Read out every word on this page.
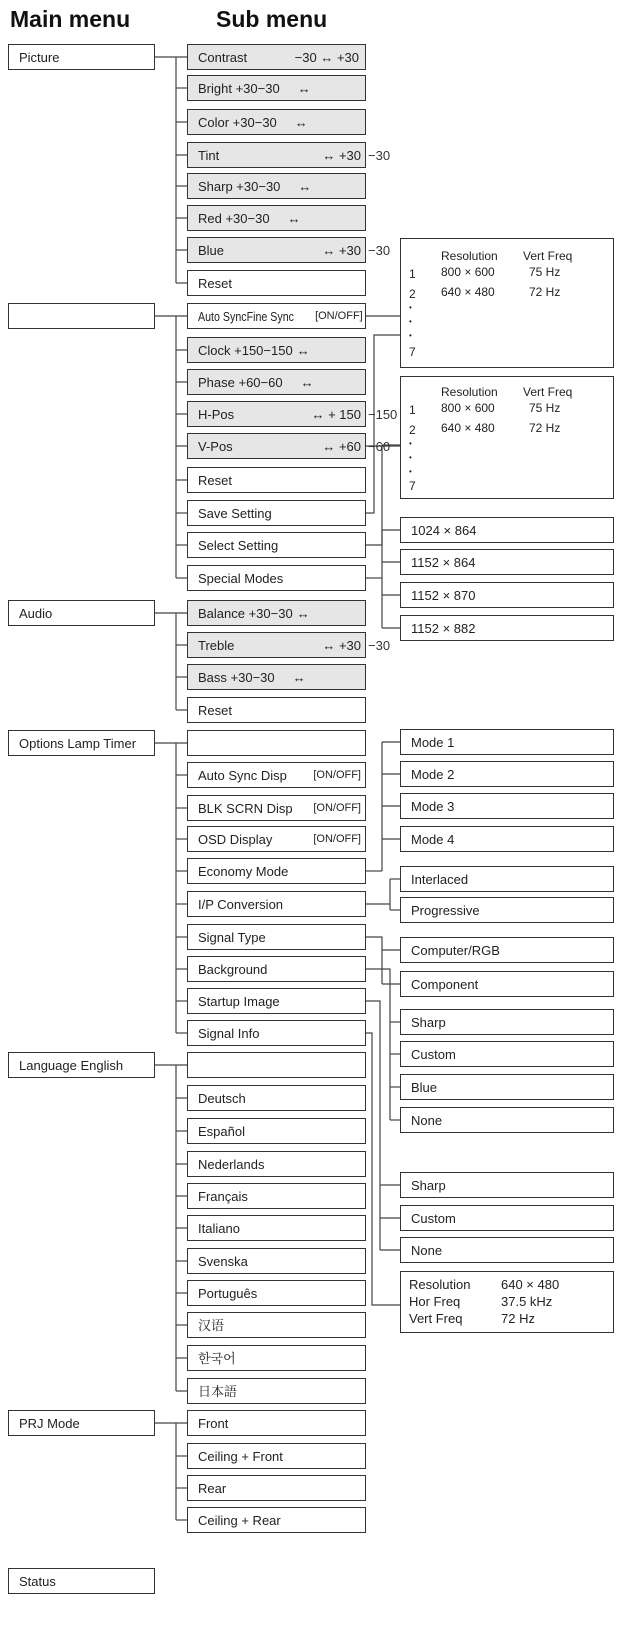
Main menu	Sub menu
Picture
Audio
Options Lamp Timer
Language English
PRJ Mode
Status
Contrast	−30 ↔ +30
Bright +30−30 ↔
Color +30−30 ↔
Tint	↔ +30 −30
Sharp +30−30 ↔
Red +30−30 ↔
Blue	↔ +30 −30
Reset
Auto SyncFine Sync [ON/OFF]
Clock +150−150 ↔
Phase +60−60 ↔
H-Pos	↔ + 150 −150
V-Pos	↔ +60 −60
Reset
Save Setting
Select Setting
Special Modes
Resolution Vert Freq
1 800 × 600	75 Hz
2 640 × 480	72 Hz
•
•
•
7
Resolution Vert Freq
1 800 × 600	75 Hz
2 640 × 480	72 Hz
•
•
•
7
1024 × 864
1152 × 864
1152 × 870
1152 × 882
Balance +30−30 ↔
Treble	↔ +30 −30
Bass +30−30 ↔
Reset
Auto Sync Disp [ON/OFF]
BLK SCRN Disp [ON/OFF]
OSD Display	[ON/OFF]
Economy Mode
I/P Conversion
Signal Type
Background
Startup Image
Signal Info
Mode 1
Mode 2
Mode 3
Mode 4
Interlaced
Progressive
Computer/RGB
Component
Sharp
Custom
Blue
None
Sharp
Custom
None
Resolution 640 × 480
Hor Freq	37.5 kHz
Vert Freq	72 Hz
Deutsch
Español
Nederlands
Français
Italiano
Svenska
Português
汉语
한국어
日本語
Front
Ceiling + Front
Rear
Ceiling + Rear
